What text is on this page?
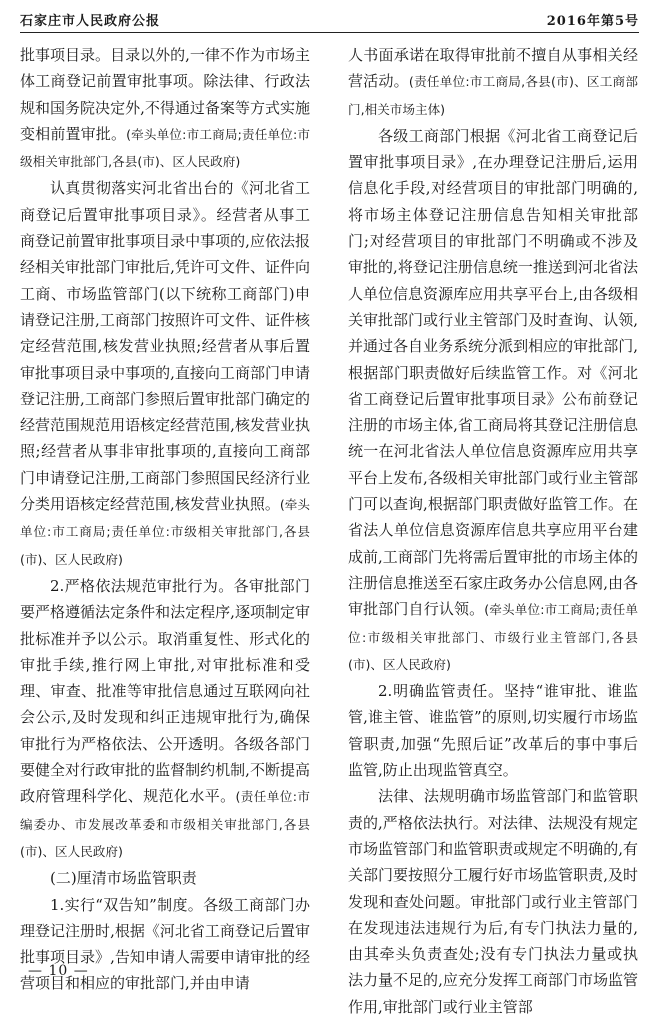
石家庄市人民政府公报	2016年第5号

批事项目录。目录以外的,一律不作为市场主体工商登记前置审批事项。除法律、行政法规和国务院决定外,不得通过备案等方式实施变相前置审批。(牵头单位:市工商局;责任单位:市级相关审批部门,各县(市)、区人民政府)

认真贯彻落实河北省出台的《河北省工商登记后置审批事项目录》。经营者从事工商登记前置审批事项目录中事项的,应依法报经相关审批部门审批后,凭许可文件、证件向工商、市场监管部门(以下统称工商部门)申请登记注册,工商部门按照许可文件、证件核定经营范围,核发营业执照;经营者从事后置审批事项目录中事项的,直接向工商部门申请登记注册,工商部门参照后置审批部门确定的经营范围规范用语核定经营范围,核发营业执照;经营者从事非审批事项的,直接向工商部门申请登记注册,工商部门参照国民经济行业分类用语核定经营范围,核发营业执照。(牵头单位:市工商局;责任单位:市级相关审批部门,各县(市)、区人民政府)

2.严格依法规范审批行为。各审批部门要严格遵循法定条件和法定程序,逐项制定审批标准并予以公示。取消重复性、形式化的审批手续,推行网上审批,对审批标准和受理、审查、批准等审批信息通过互联网向社会公示,及时发现和纠正违规审批行为,确保审批行为严格依法、公开透明。各级各部门要健全对行政审批的监督制约机制,不断提高政府管理科学化、规范化水平。(责任单位:市编委办、市发展改革委和市级相关审批部门,各县(市)、区人民政府)

(二)厘清市场监管职责

1.实行“双告知”制度。各级工商部门办理登记注册时,根据《河北省工商登记后置审批事项目录》,告知申请人需要申请审批的经营项目和相应的审批部门,并由申请

人书面承诺在取得审批前不擅自从事相关经营活动。(责任单位:市工商局,各县(市)、区工商部门,相关市场主体)

各级工商部门根据《河北省工商登记后置审批事项目录》,在办理登记注册后,运用信息化手段,对经营项目的审批部门明确的,将市场主体登记注册信息告知相关审批部门;对经营项目的审批部门不明确或不涉及审批的,将登记注册信息统一推送到河北省法人单位信息资源库应用共享平台上,由各级相关审批部门或行业主管部门及时查询、认领,并通过各自业务系统分派到相应的审批部门,根据部门职责做好后续监管工作。对《河北省工商登记后置审批事项目录》公布前登记注册的市场主体,省工商局将其登记注册信息统一在河北省法人单位信息资源库应用共享平台上发布,各级相关审批部门或行业主管部门可以查询,根据部门职责做好监管工作。在省法人单位信息资源库信息共享应用平台建成前,工商部门先将需后置审批的市场主体的注册信息推送至石家庄政务办公信息网,由各审批部门自行认领。(牵头单位:市工商局;责任单位:市级相关审批部门、市级行业主管部门,各县(市)、区人民政府)

2.明确监管责任。坚持“谁审批、谁监管,谁主管、谁监管”的原则,切实履行市场监管职责,加强“先照后证”改革后的事中事后监管,防止出现监管真空。

法律、法规明确市场监管部门和监管职责的,严格依法执行。对法律、法规没有规定市场监管部门和监管职责或规定不明确的,有关部门要按照分工履行好市场监管职责,及时发现和查处问题。审批部门或行业主管部门在发现违法违规行为后,有专门执法力量的,由其牵头负责查处;没有专门执法力量或执法力量不足的,应充分发挥工商部门市场监管作用,审批部门或行业主管部

— 10 —
